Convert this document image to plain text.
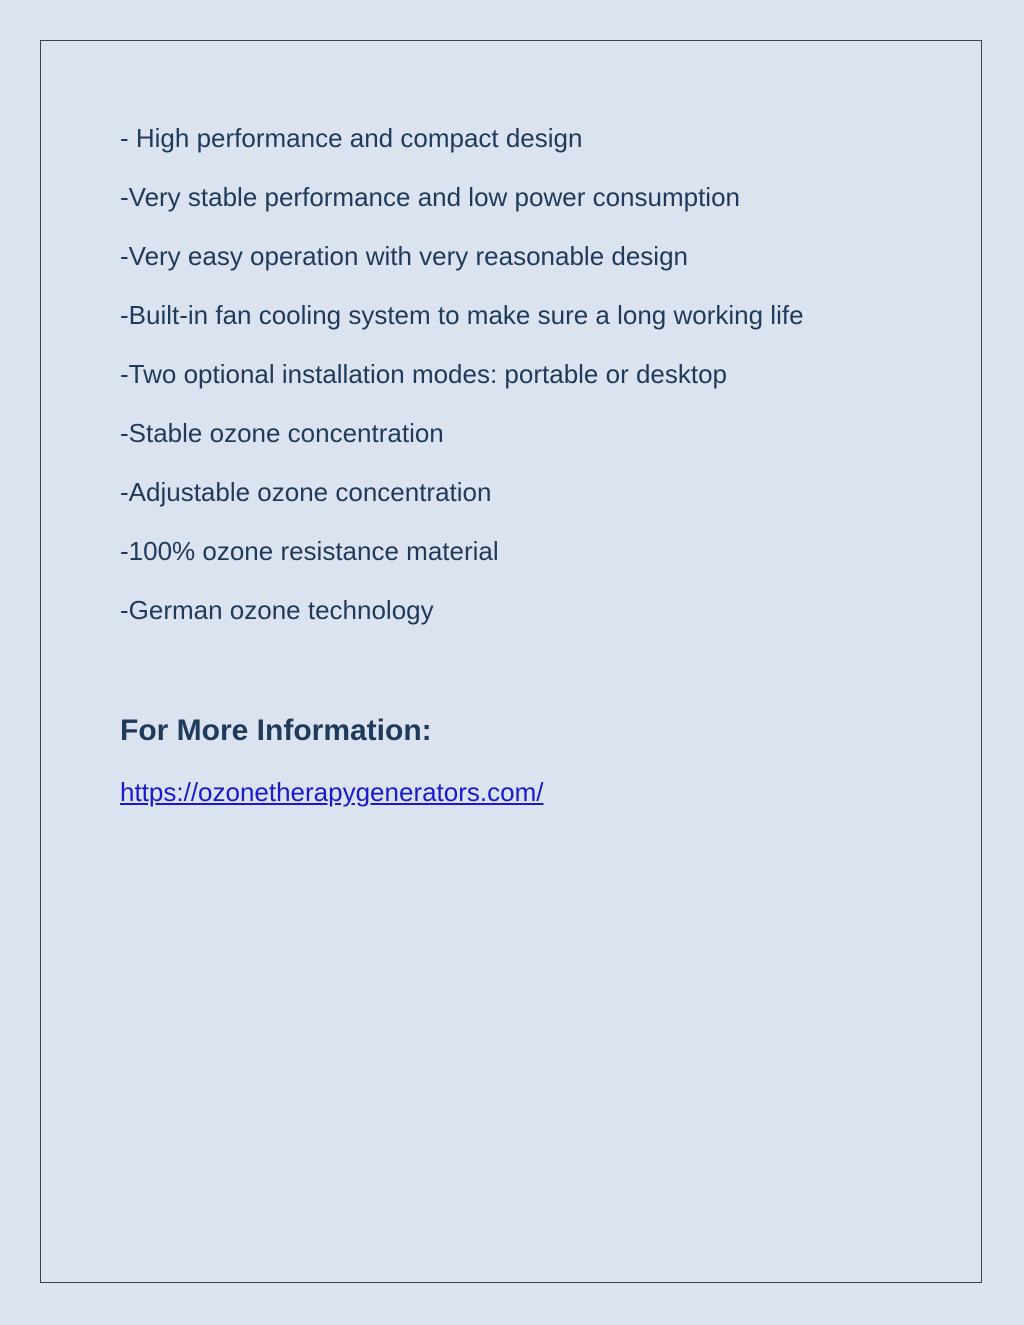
- High performance and compact design
-Very stable performance and low power consumption
-Very easy operation with very reasonable design
-Built-in fan cooling system to make sure a long working life
-Two optional installation modes: portable or desktop
-Stable ozone concentration
-Adjustable ozone concentration
-100% ozone resistance material
-German ozone technology
For More Information:
https://ozonetherapygenerators.com/
